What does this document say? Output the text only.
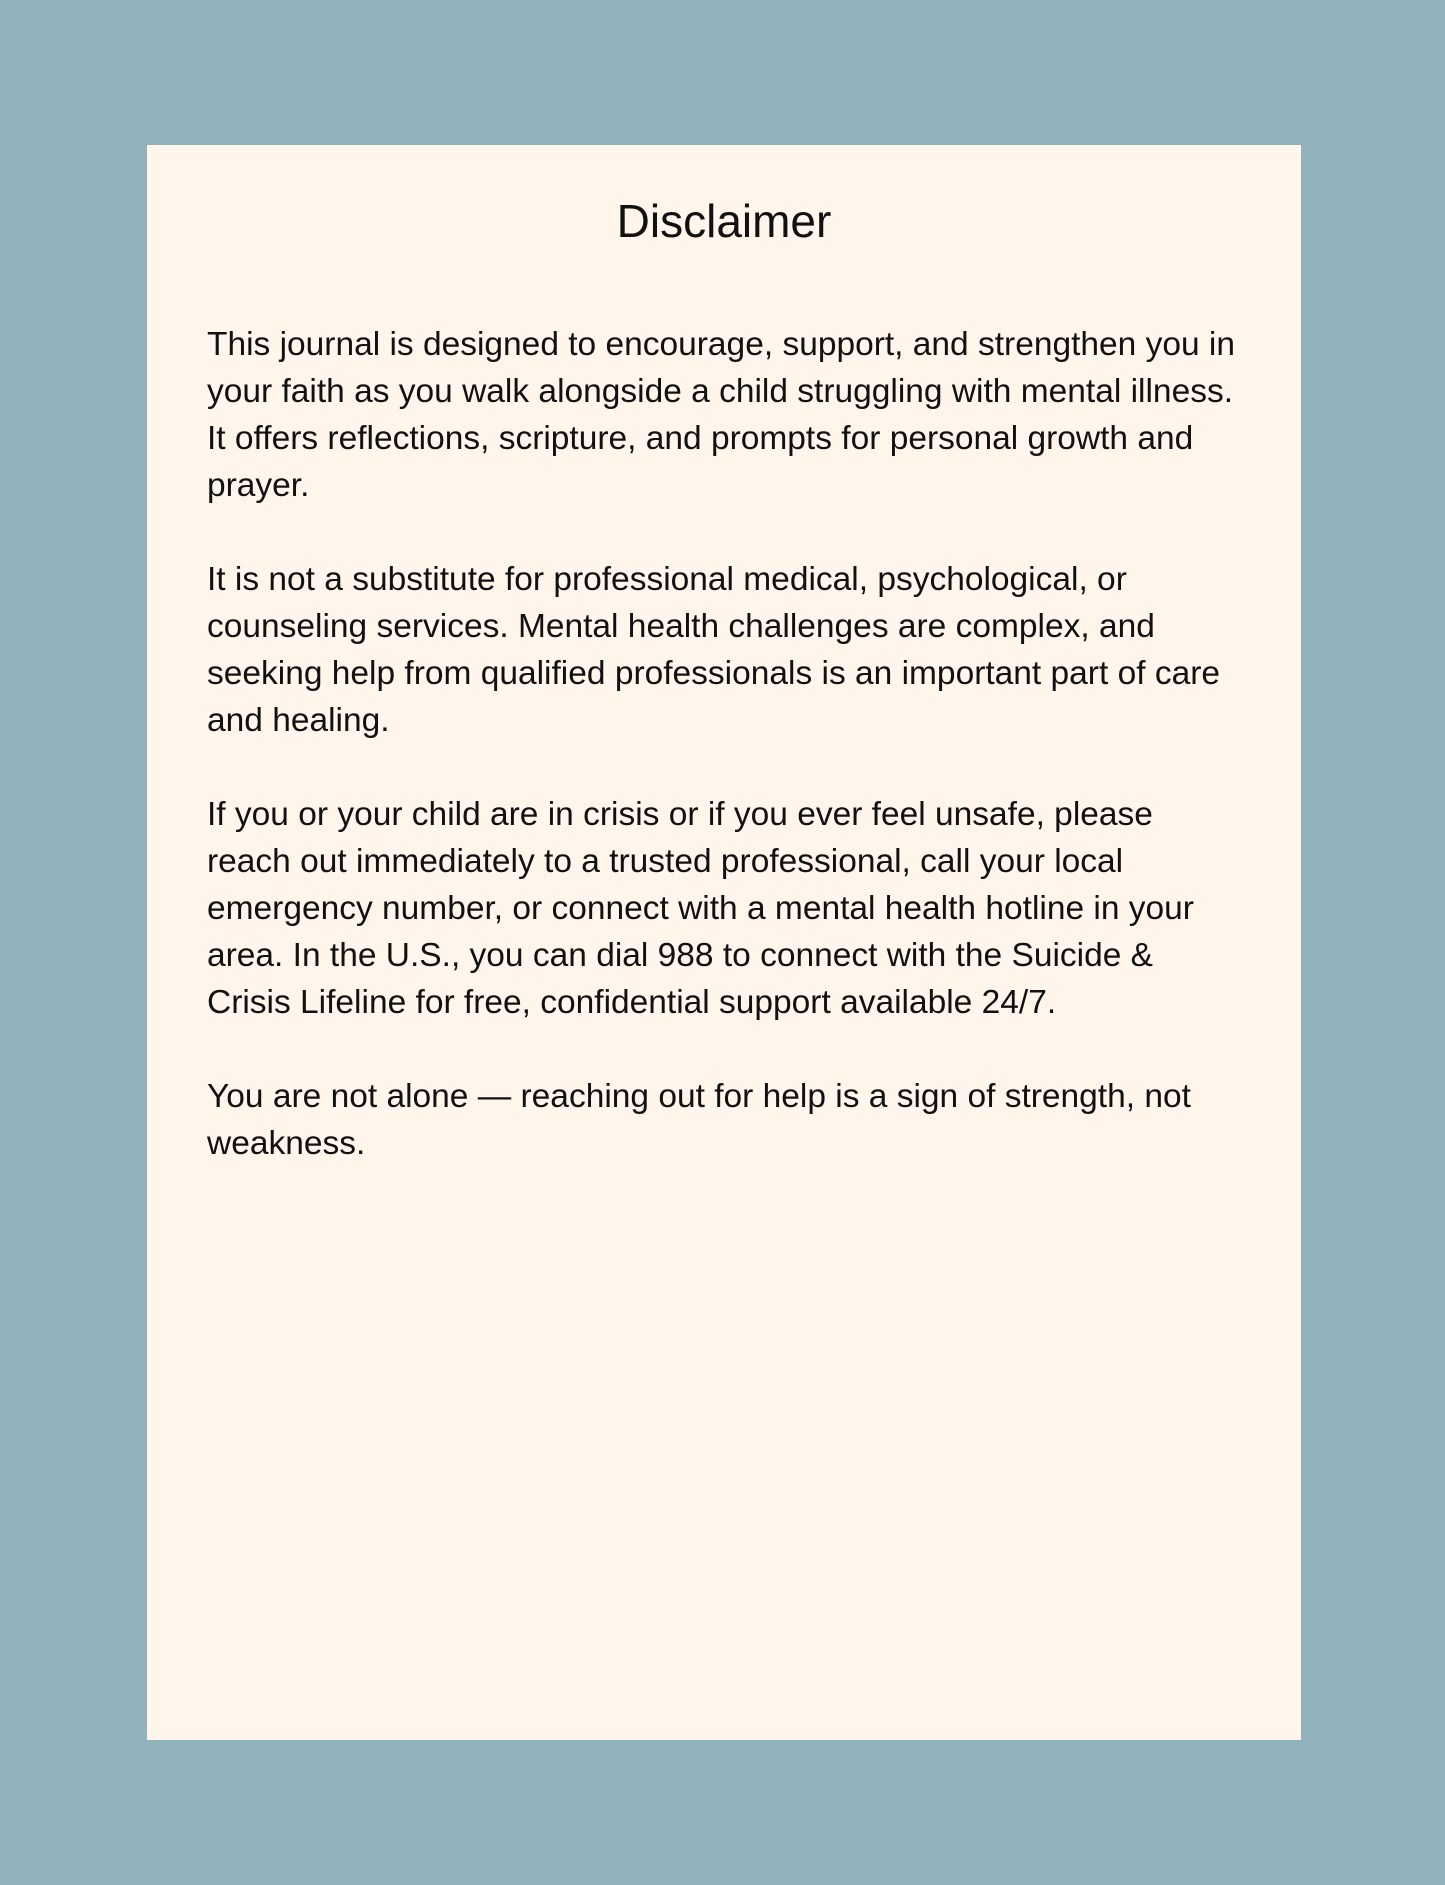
Disclaimer

This journal is designed to encourage, support, and strengthen you in your faith as you walk alongside a child struggling with mental illness. It offers reflections, scripture, and prompts for personal growth and prayer.

It is not a substitute for professional medical, psychological, or counseling services. Mental health challenges are complex, and seeking help from qualified professionals is an important part of care and healing.

If you or your child are in crisis or if you ever feel unsafe, please reach out immediately to a trusted professional, call your local emergency number, or connect with a mental health hotline in your area. In the U.S., you can dial 988 to connect with the Suicide & Crisis Lifeline for free, confidential support available 24/7.

You are not alone — reaching out for help is a sign of strength, not weakness.
